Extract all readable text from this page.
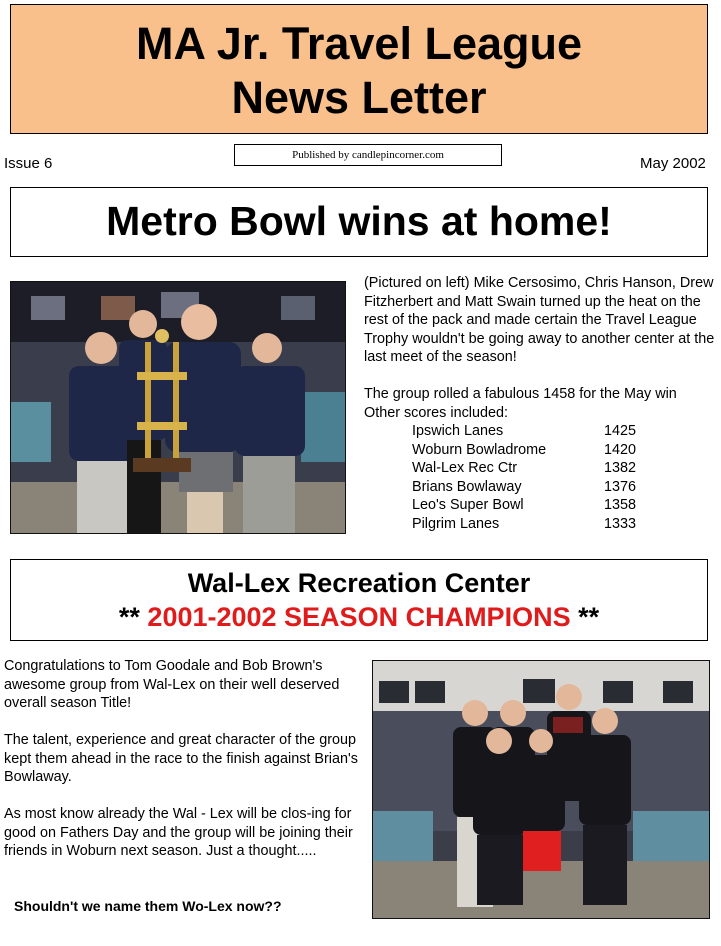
MA Jr. Travel League
News Letter
Published by candlepincorner.com
Issue 6	May 2002
Metro Bowl wins at home!

(Pictured on left) Mike Cersosimo, Chris Hanson, Drew Fitzherbert and Matt Swain turned up the heat on the rest of the pack and made certain the Travel League Trophy wouldn't be going away to another center at the last meet of the season!

The group rolled a fabulous 1458 for the May win Other scores included:

Ipswich Lanes	1425
Woburn Bowladrome	1420
Wal-Lex Rec Ctr	1382
Brians Bowlaway	1376
Leo's Super Bowl	1358
Pilgrim Lanes	1333
Wal-Lex Recreation Center
** 2001-2002 SEASON CHAMPIONS **

Congratulations to Tom Goodale and Bob Brown's awesome group from Wal-Lex on their well deserved overall season Title!

The talent, experience and great character of the group kept them ahead in the race to the finish against Brian's Bowlaway.

As most know already the Wal - Lex will be clos-ing for good on Fathers Day and the group will be joining their friends in Woburn next season. Just a thought.....

Shouldn't we name them Wo-Lex now??
